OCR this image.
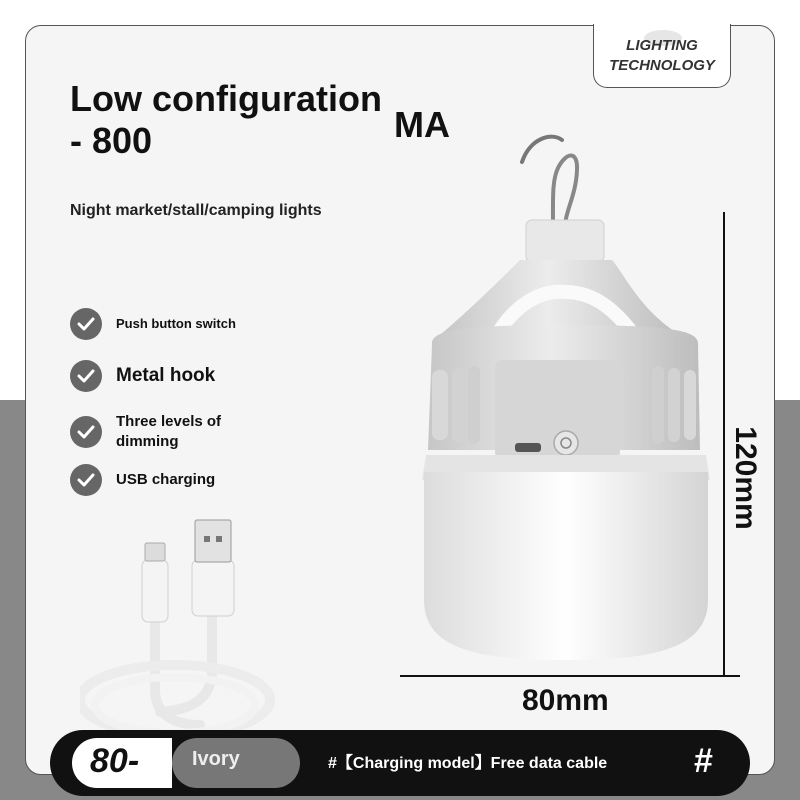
LIGHTING
TECHNOLOGY
Low configuration
MA
- 800
Night market/stall/camping lights
Push button switch
Metal hook
Three levels of dimming
USB charging	120mm
80mm
80-	Ivory	#【Charging model】Free data cable	#
